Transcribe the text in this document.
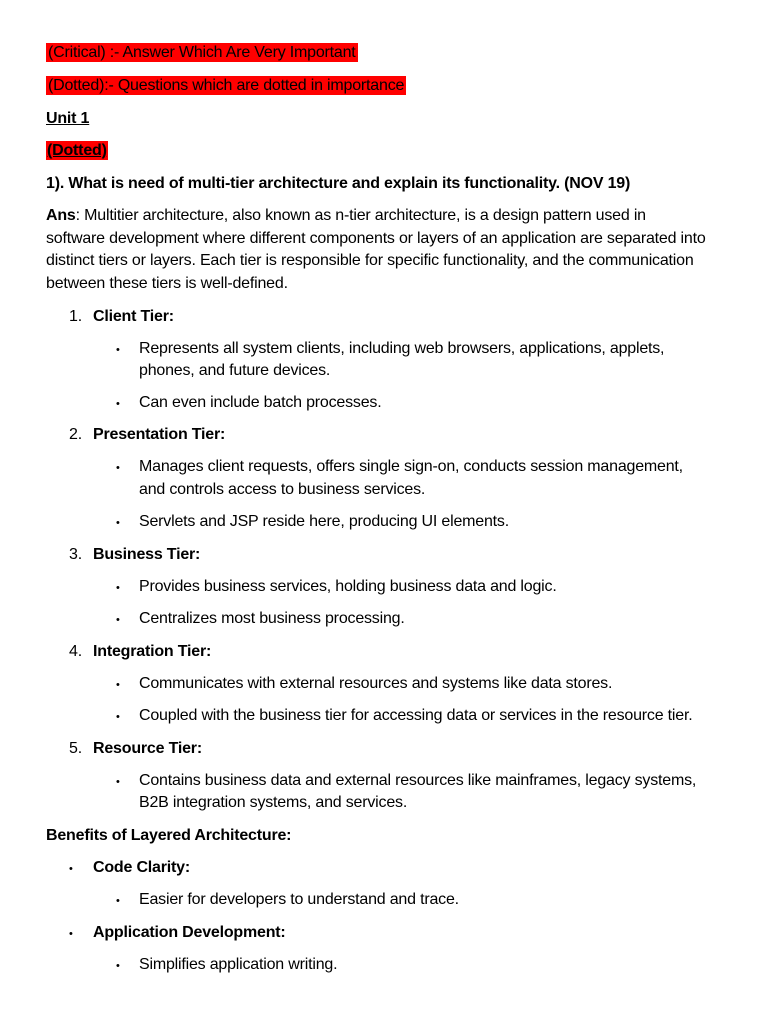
(Critical) :- Answer Which Are Very Important
(Dotted):- Questions which are dotted in importance
Unit 1
(Dotted)
1). What is need of multi-tier architecture and explain its functionality. (NOV 19)
Ans: Multitier architecture, also known as n-tier architecture, is a design pattern used in
software development where different components or layers of an application are separated into
distinct tiers or layers. Each tier is responsible for specific functionality, and the communication
between these tiers is well-defined.
1. Client Tier:
• Represents all system clients, including web browsers, applications, applets,
phones, and future devices.
• Can even include batch processes.
2. Presentation Tier:
• Manages client requests, offers single sign-on, conducts session management,
and controls access to business services.
• Servlets and JSP reside here, producing UI elements.
3. Business Tier:
• Provides business services, holding business data and logic.
• Centralizes most business processing.
4. Integration Tier:
• Communicates with external resources and systems like data stores.
• Coupled with the business tier for accessing data or services in the resource tier.
5. Resource Tier:
• Contains business data and external resources like mainframes, legacy systems,
B2B integration systems, and services.
Benefits of Layered Architecture:
• Code Clarity:
• Easier for developers to understand and trace.
• Application Development:
• Simplifies application writing.
